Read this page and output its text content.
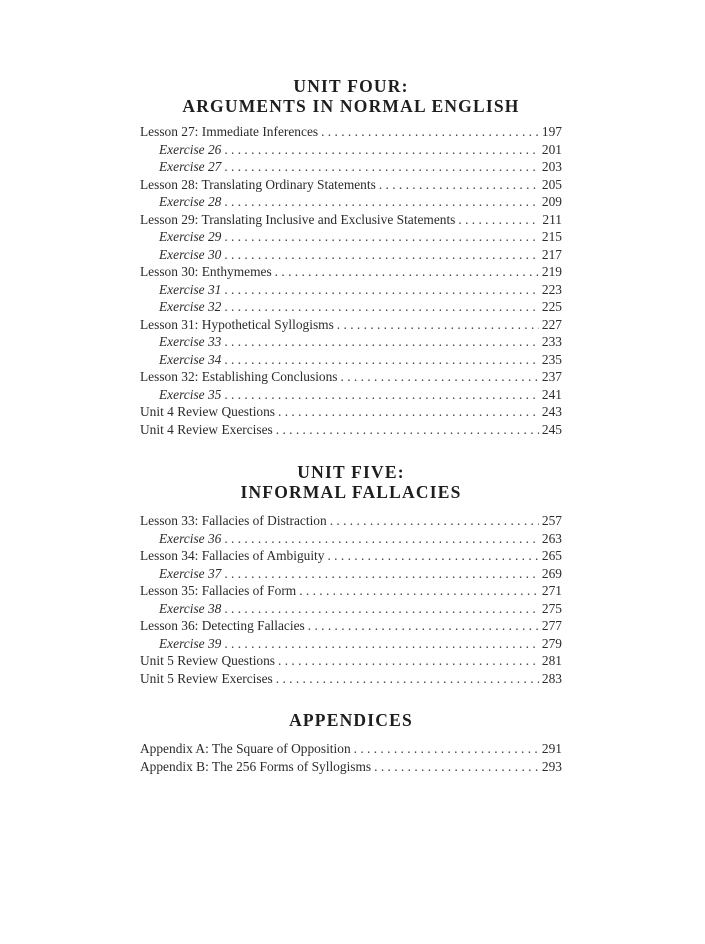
UNIT FOUR:
ARGUMENTS IN NORMAL ENGLISH
Lesson 27: Immediate Inferences . . .	197
Exercise 26 . . .	201
Exercise 27 . . .	203
Lesson 28: Translating Ordinary Statements . . .	205
Exercise 28 . . .	209
Lesson 29: Translating Inclusive and Exclusive Statements . . .	211
Exercise 29 . . .	215
Exercise 30 . . .	217
Lesson 30: Enthymemes . . .	219
Exercise 31 . . .	223
Exercise 32 . . .	225
Lesson 31: Hypothetical Syllogisms . . .	227
Exercise 33 . . .	233
Exercise 34 . . .	235
Lesson 32: Establishing Conclusions . . .	237
Exercise 35 . . .	241
Unit 4 Review Questions . . .	243
Unit 4 Review Exercises . . .	245
UNIT FIVE:
INFORMAL FALLACIES
Lesson 33: Fallacies of Distraction . . .	257
Exercise 36 . . .	263
Lesson 34: Fallacies of Ambiguity . . .	265
Exercise 37 . . .	269
Lesson 35: Fallacies of Form . . .	271
Exercise 38 . . .	275
Lesson 36: Detecting Fallacies . . .	277
Exercise 39 . . .	279
Unit 5 Review Questions . . .	281
Unit 5 Review Exercises . . .	283
APPENDICES
Appendix A: The Square of Opposition . . .	291
Appendix B: The 256 Forms of Syllogisms . . .	293
